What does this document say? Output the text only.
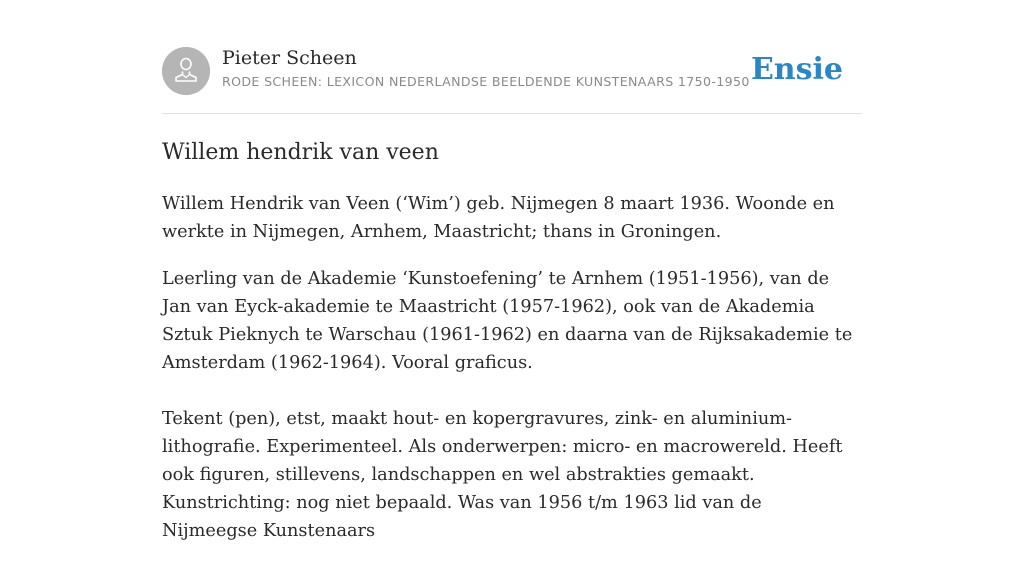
Pieter Scheen
RODE SCHEEN: LEXICON NEDERLANDSE BEELDENDE KUNSTENAARS 1750-1950 Ensie
Willem hendrik van veen

Willem Hendrik van Veen (‘Wim’) geb. Nijmegen 8 maart 1936. Woonde en werkte in Nijmegen, Arnhem, Maastricht; thans in Groningen.

Leerling van de Akademie ‘Kunstoefening’ te Arnhem (1951-1956), van de Jan van Eyck-akademie te Maastricht (1957-1962), ook van de Akademia Sztuk Pieknych te Warschau (1961-1962) en daarna van de Rijksakademie te Amsterdam (1962-1964). Vooral graficus.

Tekent (pen), etst, maakt hout- en kopergravures, zink- en aluminium-lithografie. Experimenteel. Als onderwerpen: micro- en macrowereld. Heeft ook figuren, stillevens, landschappen en wel abstrakties gemaakt. Kunstrichting: nog niet bepaald. Was van 1956 t/m 1963 lid van de Nijmeegse Kunstenaars
